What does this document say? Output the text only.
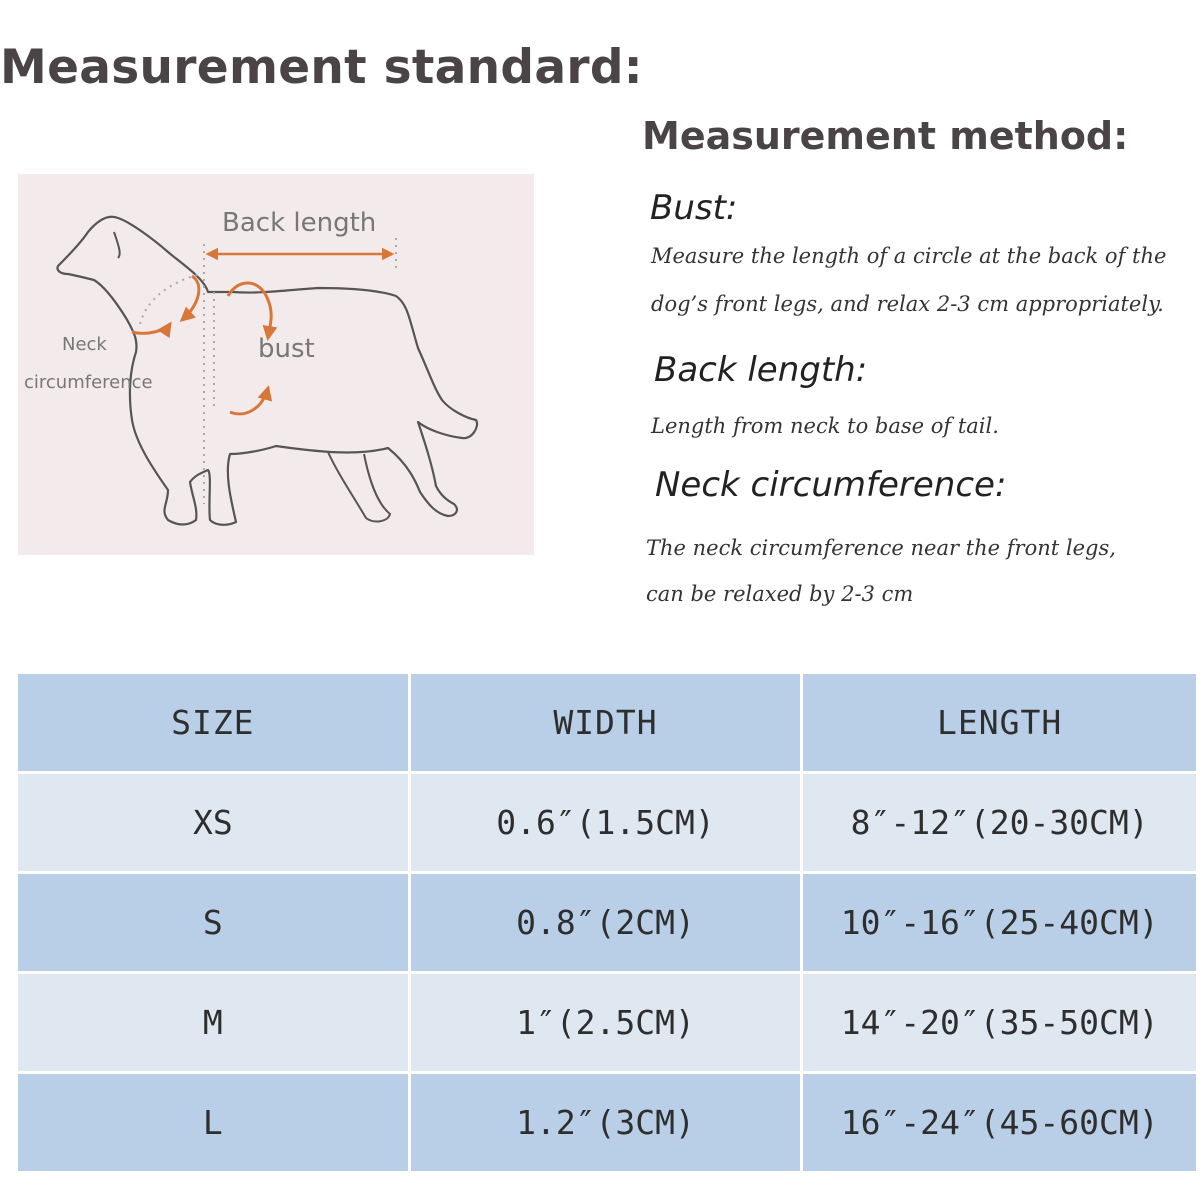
Measurement standard:
Measurement method:
Back length
bust
Neck
circumference
Bust:
Measure the length of a circle at the back of the
dog’s front legs, and relax 2-3 cm appropriately.
Back length:
Length from neck to base of tail.
Neck circumference:
The neck circumference near the front legs,
can be relaxed by 2-3 cm
SIZE	WIDTH	LENGTH
XS	0.6″(1.5CM)	8″-12″(20-30CM)
S	0.8″(2CM)	10″-16″(25-40CM)
M	1″(2.5CM)	14″-20″(35-50CM)
L	1.2″(3CM)	16″-24″(45-60CM)
